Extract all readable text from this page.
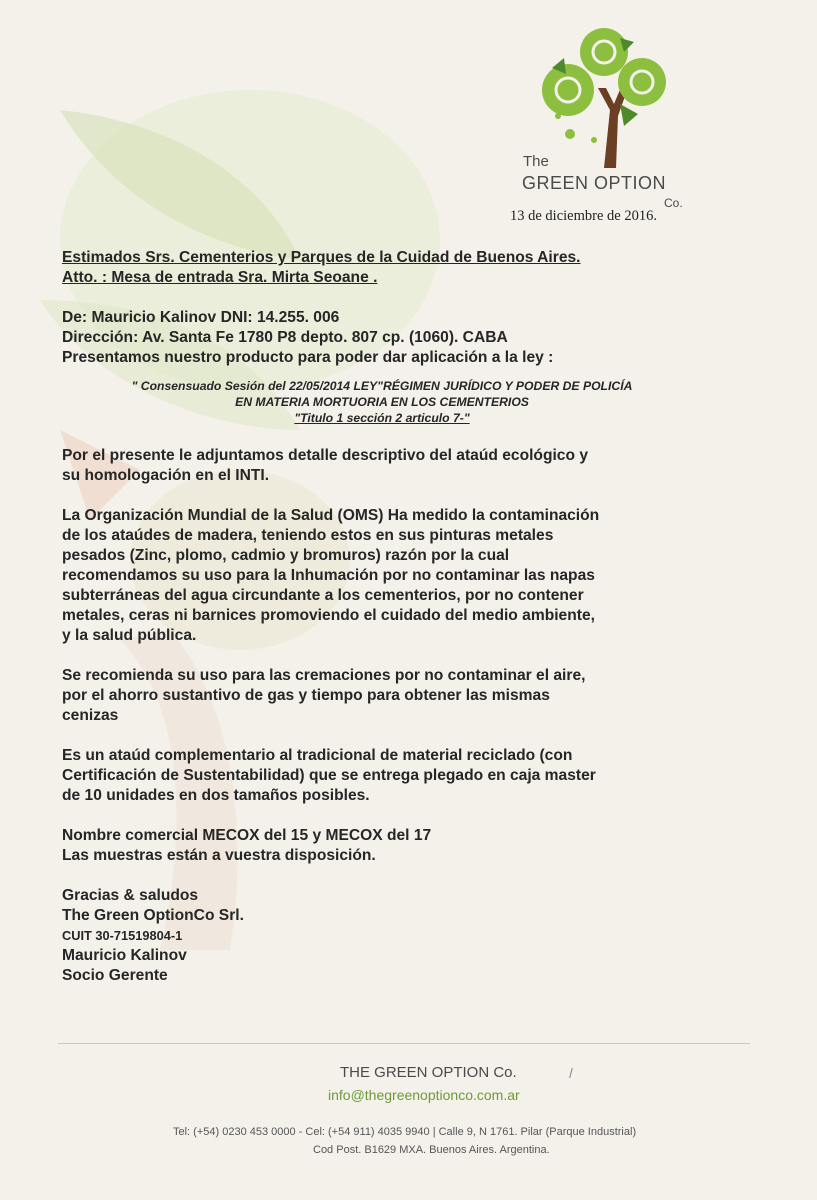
The
GREEN OPTION
Co.
13 de diciembre de 2016.
Estimados Srs. Cementerios y Parques de la Cuidad de Buenos Aires.
Atto. : Mesa de entrada Sra. Mirta Seoane .
De: Mauricio Kalinov DNI: 14.255. 006
Dirección: Av. Santa Fe 1780 P8 depto. 807 cp. (1060). CABA
Presentamos nuestro producto para poder dar aplicación a la ley :
" Consensuado Sesión del 22/05/2014 LEY"RÉGIMEN JURÍDICO Y PODER DE POLICÍA
EN MATERIA MORTUORIA EN LOS CEMENTERIOS
"Titulo 1 sección 2 articulo 7-"
Por el presente le adjuntamos detalle descriptivo del ataúd ecológico y
su homologación en el INTI.
La Organización Mundial de la Salud (OMS) Ha medido la contaminación
de los ataúdes de madera, teniendo estos en sus pinturas metales
pesados (Zinc, plomo, cadmio y bromuros) razón por la cual
recomendamos su uso para la Inhumación por no contaminar las napas
subterráneas del agua circundante a los cementerios, por no contener
metales, ceras ni barnices promoviendo el cuidado del medio ambiente,
y la salud pública.
Se recomienda su uso para las cremaciones por no contaminar el aire,
por el ahorro sustantivo de gas y tiempo para obtener las mismas
cenizas
Es un ataúd complementario al tradicional de material reciclado (con
Certificación de Sustentabilidad) que se entrega plegado en caja master
de 10 unidades en dos tamaños posibles.
Nombre comercial MECOX del 15 y MECOX del 17
Las muestras están a vuestra disposición.
Gracias & saludos
The Green OptionCo Srl.
CUIT 30-71519804-1
Mauricio Kalinov
Socio Gerente
THE GREEN OPTION Co.	/
info@thegreenoptionco.com.ar
Tel: (+54) 0230 453 0000 - Cel: (+54 911) 4035 9940 | Calle 9, N 1761. Pilar (Parque Industrial)
Cod Post. B1629 MXA. Buenos Aires. Argentina.
